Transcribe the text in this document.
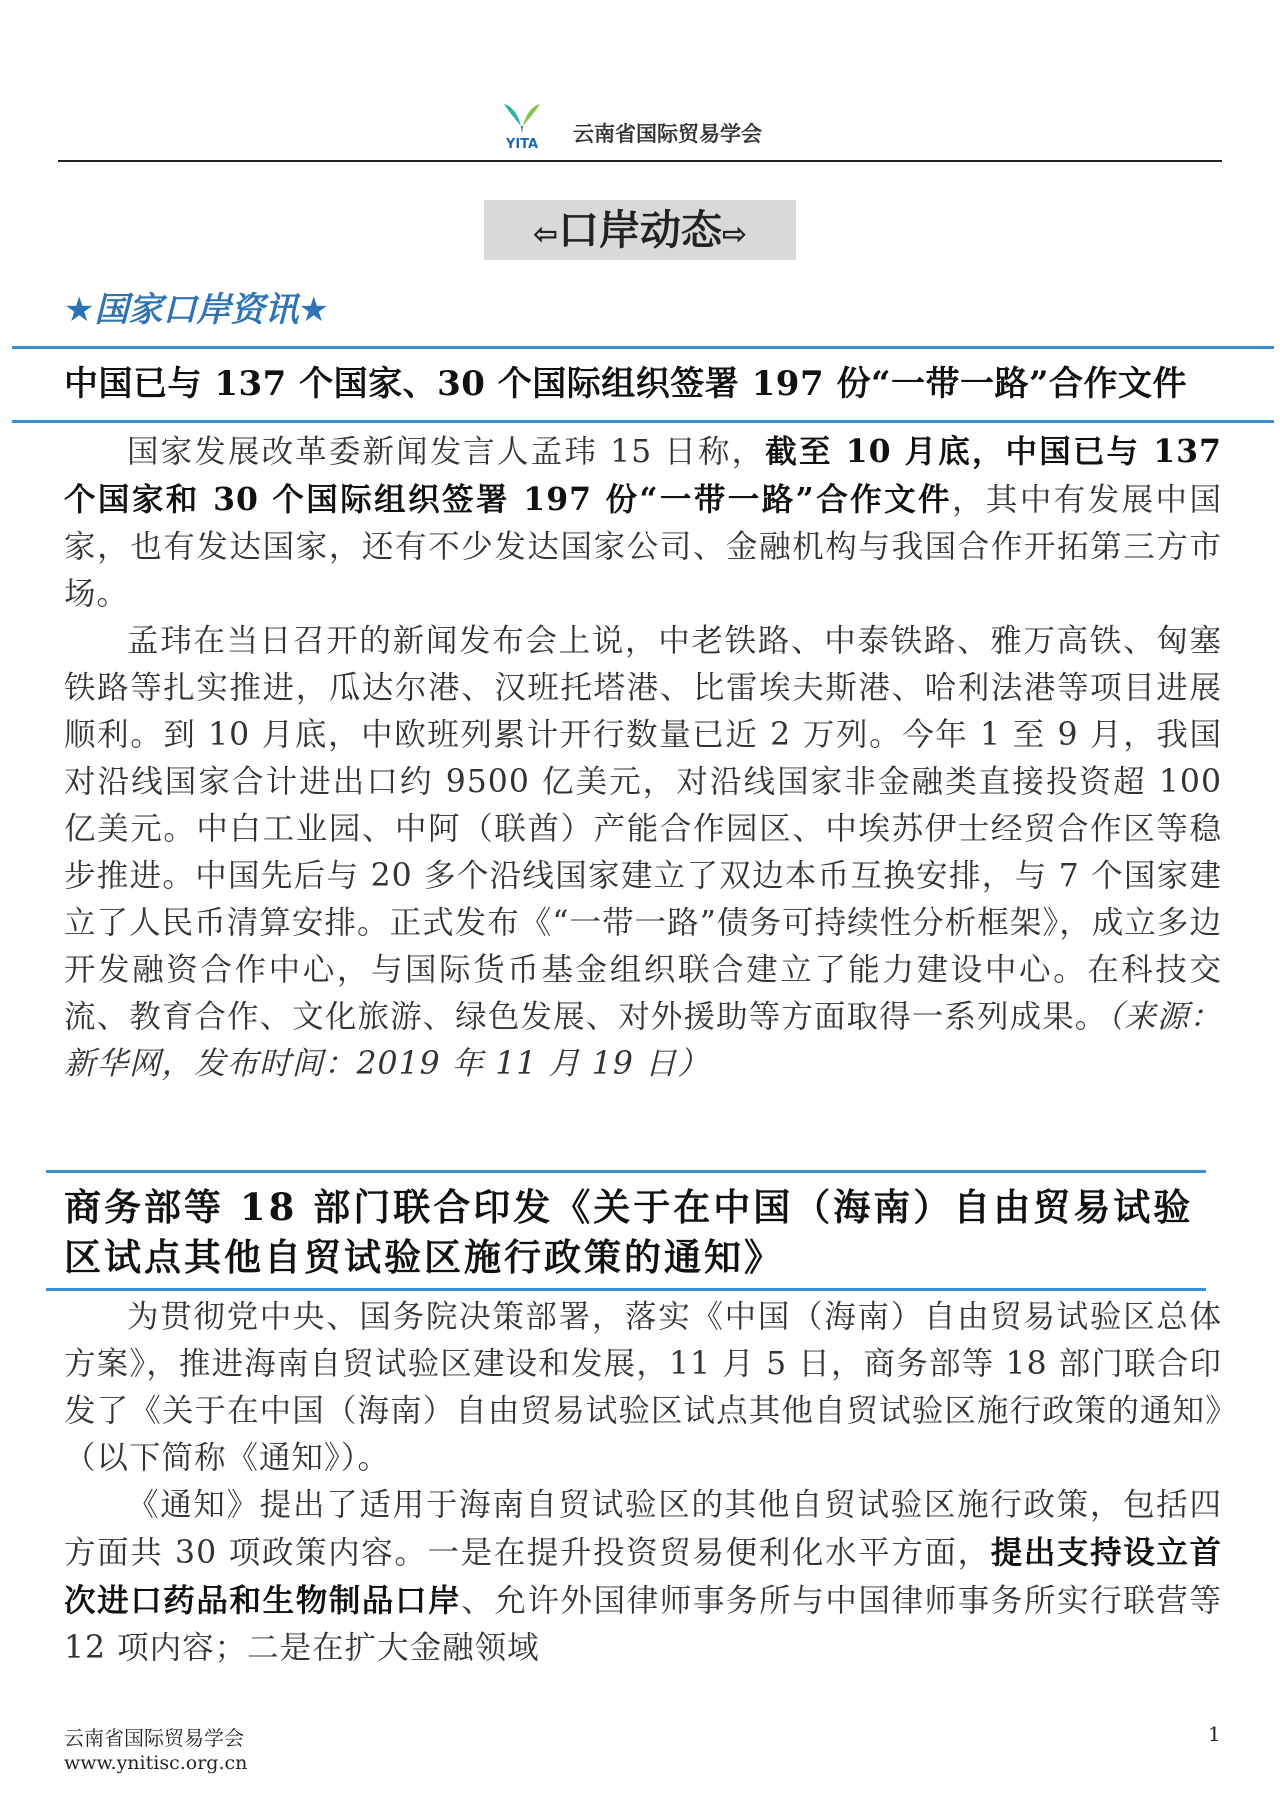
YITA 云南省国际贸易学会
⇦口岸动态⇨
★国家口岸资讯★
中国已与 137 个国家、30 个国际组织签署 197 份“一带一路”合作文件

国家发展改革委新闻发言人孟玮 15 日称，截至 10 月底，中国已与 137 个国家和 30 个国际组织签署 197 份“一带一路”合作文件，其中有发展中国家，也有发达国家，还有不少发达国家公司、金融机构与我国合作开拓第三方市场。

孟玮在当日召开的新闻发布会上说，中老铁路、中泰铁路、雅万高铁、匈塞铁路等扎实推进，瓜达尔港、汉班托塔港、比雷埃夫斯港、哈利法港等项目进展顺利。到 10 月底，中欧班列累计开行数量已近 2 万列。今年 1 至 9 月，我国对沿线国家合计进出口约 9500 亿美元，对沿线国家非金融类直接投资超 100 亿美元。中白工业园、中阿（联酋）产能合作园区、中埃苏伊士经贸合作区等稳步推进。中国先后与 20 多个沿线国家建立了双边本币互换安排，与 7 个国家建立了人民币清算安排。正式发布《“一带一路”债务可持续性分析框架》，成立多边开发融资合作中心，与国际货币基金组织联合建立了能力建设中心。在科技交流、教育合作、文化旅游、绿色发展、对外援助等方面取得一系列成果。（来源：新华网，发布时间：2019 年 11 月 19 日）

商务部等 18 部门联合印发《关于在中国（海南）自由贸易试验区试点其他自贸试验区施行政策的通知》

为贯彻党中央、国务院决策部署，落实《中国（海南）自由贸易试验区总体方案》，推进海南自贸试验区建设和发展，11 月 5 日，商务部等 18 部门联合印发了《关于在中国（海南）自由贸易试验区试点其他自贸试验区施行政策的通知》（以下简称《通知》）。

《通知》提出了适用于海南自贸试验区的其他自贸试验区施行政策，包括四方面共 30 项政策内容。一是在提升投资贸易便利化水平方面，提出支持设立首次进口药品和生物制品口岸、允许外国律师事务所与中国律师事务所实行联营等 12 项内容；二是在扩大金融领域

云南省国际贸易学会
www.ynitisc.org.cn
1
